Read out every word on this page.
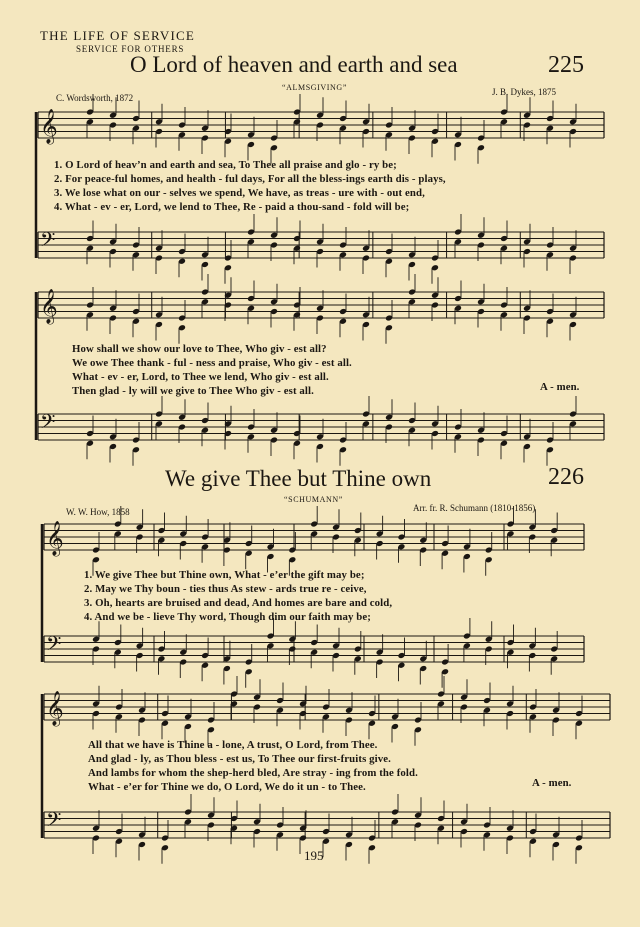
THE LIFE OF SERVICE
SERVICE FOR OTHERS
O Lord of heaven and earth and sea	225
“ALMSGIVING”
C. Wordsworth, 1872
J. B. Dykes, 1875
1. O Lord of heav’n and earth and sea, To Thee all praise and glo - ry be;
2. For peace-ful homes, and health - ful days, For all the bless-ings earth dis - plays,
3. We lose what on our - selves we spend, We have, as treas - ure with - out end,
4. What - ev - er, Lord, we lend to Thee, Re - paid a thou-sand - fold will be;
How shall we show our love to Thee, Who giv - est all?
We owe Thee thank - ful - ness and praise, Who giv - est all.
What - ev - er, Lord, to Thee we lend, Who giv - est all.
Then glad - ly will we give to Thee Who giv - est all.	A - men.
We give Thee but Thine own	226
“SCHUMANN”
W. W. How, 1858	Arr. fr. R. Schumann (1810-1856)
1. We give Thee but Thine own, What - e’er the gift may be;
2. May we Thy boun - ties thus As stew - ards true re - ceive,
3. Oh, hearts are bruised and dead, And homes are bare and cold,
4. And we be - lieve Thy word, Though dim our faith may be;
All that we have is Thine a - lone, A trust, O Lord, from Thee.
And glad - ly, as Thou bless - est us, To Thee our first-fruits give.
And lambs for whom the shep-herd bled, Are stray - ing from the fold.
What - e’er for Thine we do, O Lord, We do it un - to Thee.	A - men.
195
𝄞
𝄢
𝄞
𝄢
𝄞
𝄢
𝄞
𝄢
